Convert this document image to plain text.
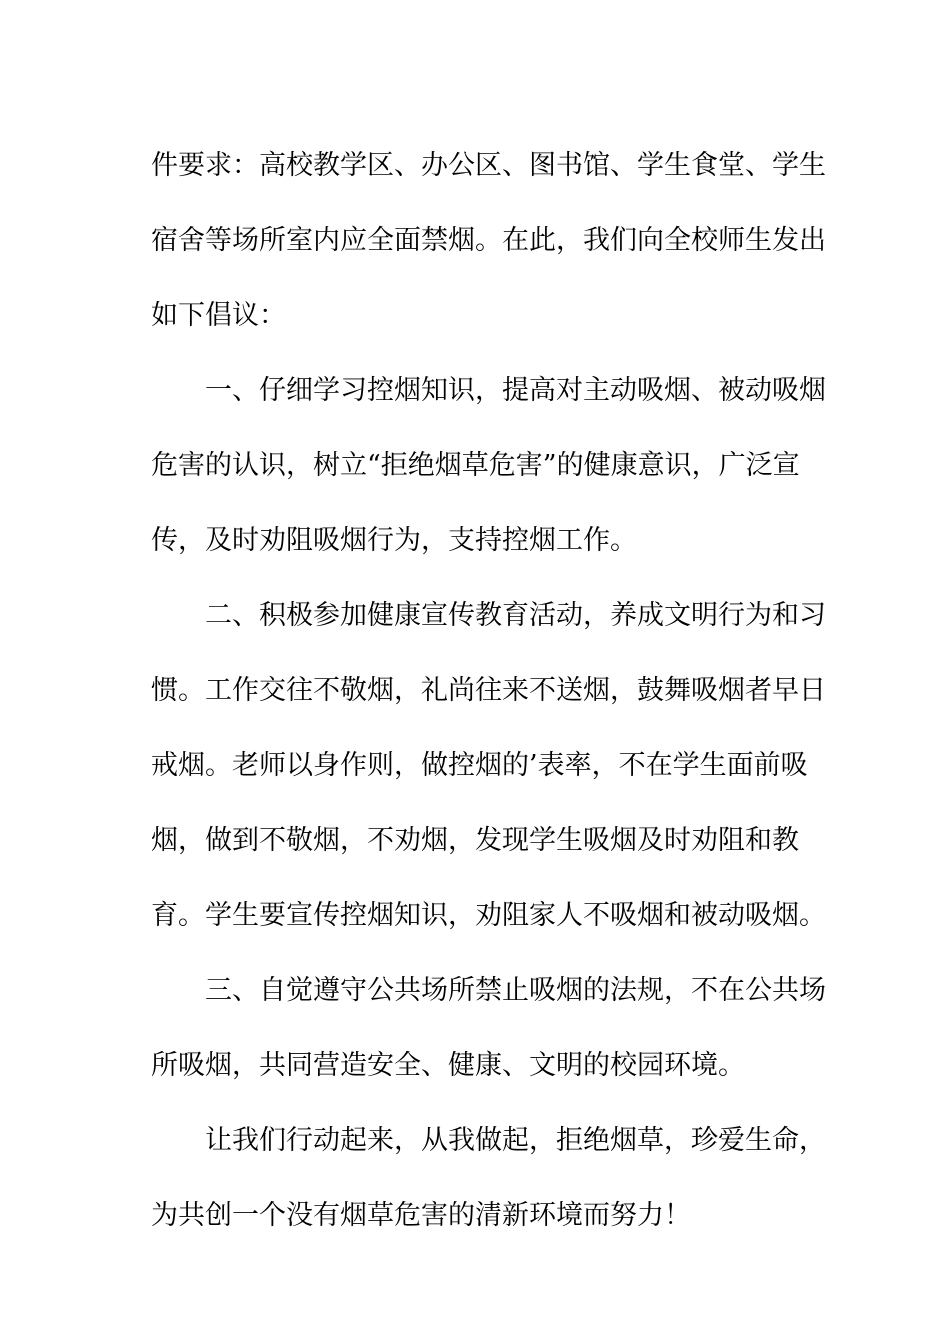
件要求：高校教学区、办公区、图书馆、学生食堂、学生
宿舍等场所室内应全面禁烟。在此，我们向全校师生发出
如下倡议：
一、仔细学习控烟知识，提高对主动吸烟、被动吸烟
危害的认识，树立“拒绝烟草危害”的健康意识，广泛宣
传，及时劝阻吸烟行为，支持控烟工作。
二、积极参加健康宣传教育活动，养成文明行为和习
惯。工作交往不敬烟，礼尚往来不送烟，鼓舞吸烟者早日
戒烟。老师以身作则，做控烟的’表率，不在学生面前吸
烟，做到不敬烟，不劝烟，发现学生吸烟及时劝阻和教
育。学生要宣传控烟知识，劝阻家人不吸烟和被动吸烟。
三、自觉遵守公共场所禁止吸烟的法规，不在公共场
所吸烟，共同营造安全、健康、文明的校园环境。
让我们行动起来，从我做起，拒绝烟草，珍爱生命，
为共创一个没有烟草危害的清新环境而努力！
